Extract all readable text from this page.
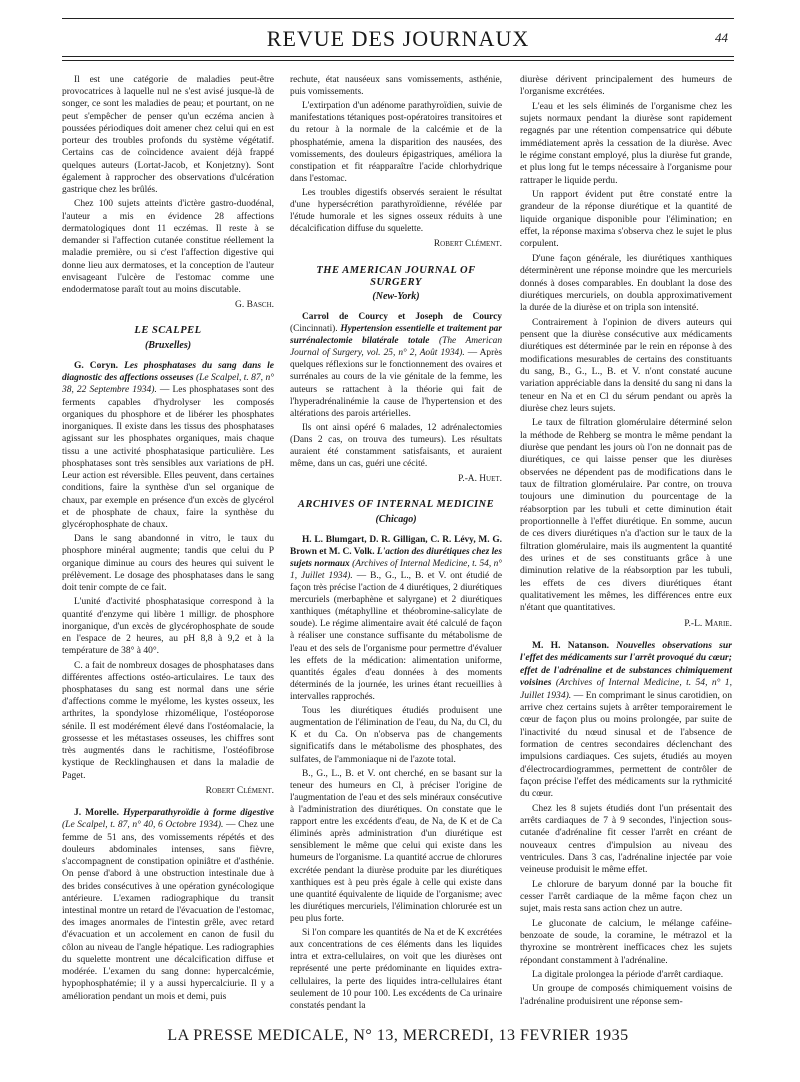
REVUE DES JOURNAUX	44

Il est une catégorie de maladies peut-être provocatrices à laquelle nul ne s'est avisé jusque-là de songer, ce sont les maladies de peau; et pourtant, on ne peut s'empêcher de penser qu'un eczéma ancien à poussées périodiques doit amener chez celui qui en est porteur des troubles profonds du système végétatif. Certains cas de coïncidence avaient déjà frappé quelques auteurs (Lortat-Jacob, et Konjetzny). Sont également à rapprocher des observations d'ulcération gastrique chez les brûlés.

Chez 100 sujets atteints d'ictère gastro-duodénal, l'auteur a mis en évidence 28 affections dermatologiques dont 11 eczémas. Il reste à se demander si l'affection cutanée constitue réellement la maladie première, ou si c'est l'affection digestive qui donne lieu aux dermatoses, et la conception de l'auteur envisageant l'ulcère de l'estomac comme une endodermatose paraît tout au moins discutable.

G. Basch.

LE SCALPEL

(Bruxelles)

G. Coryn. Les phosphatases du sang dans le diagnostic des affections osseuses (Le Scalpel, t. 87, n° 38, 22 Septembre 1934). — Les phosphatases sont des ferments capables d'hydrolyser les composés organiques du phosphore et de libérer les phosphates inorganiques. Il existe dans les tissus des phosphatases agissant sur les phosphates organiques, mais chaque tissu a une activité phosphatasique particulière. Les phosphatases sont très sensibles aux variations de pH. Leur action est réversible. Elles peuvent, dans certaines conditions, faire la synthèse d'un sel organique de chaux, par exemple en présence d'un excès de glycérol et de phosphate de chaux, faire la synthèse du glycérophosphate de chaux.

Dans le sang abandonné in vitro, le taux du phosphore minéral augmente; tandis que celui du P organique diminue au cours des heures qui suivent le prélèvement. Le dosage des phosphatases dans le sang doit tenir compte de ce fait.

L'unité d'activité phosphatasique correspond à la quantité d'enzyme qui libère 1 milligr. de phosphore inorganique, d'un excès de glycérophosphate de soude en l'espace de 2 heures, au pH 8,8 à 9,2 et à la température de 38° à 40°.

C. a fait de nombreux dosages de phosphatases dans différentes affections ostéo-articulaires. Le taux des phosphatases du sang est normal dans une série d'affections comme le myélome, les kystes osseux, les arthrites, la spondylose rhizomélique, l'ostéoporose sénile. Il est modérément élevé dans l'ostéomalacie, la grossesse et les métastases osseuses, les chiffres sont très augmentés dans le rachitisme, l'ostéofibrose kystique de Recklinghausen et dans la maladie de Paget.

Robert Clément.

J. Morelle. Hyperparathyroïdie à forme digestive (Le Scalpel, t. 87, n° 40, 6 Octobre 1934). — Chez une femme de 51 ans, des vomissements répétés et des douleurs abdominales intenses, sans fièvre, s'accompagnent de constipation opiniâtre et d'asthénie. On pense d'abord à une obstruction intestinale due à des brides consécutives à une opération gynécologique antérieure. L'examen radiographique du transit intestinal montre un retard de l'évacuation de l'estomac, des images anormales de l'intestin grêle, avec retard d'évacuation et un accolement en canon de fusil du côlon au niveau de l'angle hépatique. Les radiographies du squelette montrent une décalcification diffuse et modérée. L'examen du sang donne: hypercalcémie, hypophosphatémie; il y a aussi hypercalciurie. Il y a amélioration pendant un mois et demi, puis

rechute, état nauséeux sans vomissements, asthénie, puis vomissements.

L'extirpation d'un adénome parathyroïdien, suivie de manifestations tétaniques post-opératoires transitoires et du retour à la normale de la calcémie et de la phosphatémie, amena la disparition des nausées, des vomissements, des douleurs épigastriques, améliora la constipation et fit réapparaître l'acide chlorhydrique dans l'estomac.

Les troubles digestifs observés seraient le résultat d'une hypersécrétion parathyroïdienne, révélée par l'étude humorale et les signes osseux réduits à une décalcification diffuse du squelette.

Robert Clément.

THE AMERICAN JOURNAL OF SURGERY

(New-York)

Carrol de Courcy et Joseph de Courcy (Cincinnati). Hypertension essentielle et traitement par surrénalectomie bilatérale totale (The American Journal of Surgery, vol. 25, n° 2, Août 1934). — Après quelques réflexions sur le fonctionnement des ovaires et surrénales au cours de la vie génitale de la femme, les auteurs se rattachent à la théorie qui fait de l'hyperadrénalinémie la cause de l'hypertension et des altérations des parois artérielles.

Ils ont ainsi opéré 6 malades, 12 adrénalectomies (Dans 2 cas, on trouva des tumeurs). Les résultats auraient été constamment satisfaisants, et auraient même, dans un cas, guéri une cécité.

P.-A. Huet.

ARCHIVES OF INTERNAL MEDICINE

(Chicago)

H. L. Blumgart, D. R. Gilligan, C. R. Lévy, M. G. Brown et M. C. Volk. L'action des diurétiques chez les sujets normaux (Archives of Internal Medicine, t. 54, n° 1, Juillet 1934). — B., G., L., B. et V. ont étudié de façon très précise l'action de 4 diurétiques, 2 diurétiques mercuriels (merbaphène et salyrgane) et 2 diurétiques xanthiques (métaphylline et théobromine-salicylate de soude). Le régime alimentaire avait été calculé de façon à réaliser une constance suffisante du métabolisme de l'eau et des sels de l'organisme pour permettre d'évaluer les effets de la médication: alimentation uniforme, quantités égales d'eau données à des moments déterminés de la journée, les urines étant recueillies à intervalles rapprochés.

Tous les diurétiques étudiés produisent une augmentation de l'élimination de l'eau, du Na, du Cl, du K et du Ca. On n'observa pas de changements significatifs dans le métabolisme des phosphates, des sulfates, de l'ammoniaque ni de l'azote total.

B., G., L., B. et V. ont cherché, en se basant sur la teneur des humeurs en Cl, à préciser l'origine de l'augmentation de l'eau et des sels minéraux consécutive à l'administration des diurétiques. On constate que le rapport entre les excédents d'eau, de Na, de K et de Ca éliminés après administration d'un diurétique est sensiblement le même que celui qui existe dans les humeurs de l'organisme. La quantité accrue de chlorures excrétée pendant la diurèse produite par les diurétiques xanthiques est à peu près égale à celle qui existe dans une quantité équivalente de liquide de l'organisme; avec les diurétiques mercuriels, l'élimination chlorurée est un peu plus forte.

Si l'on compare les quantités de Na et de K excrétées aux concentrations de ces éléments dans les liquides intra et extra-cellulaires, on voit que les diurèses ont représenté une perte prédominante en liquides extra-cellulaires, la perte des liquides intra-cellulaires étant seulement de 10 pour 100. Les excédents de Ca urinaire constatés pendant la

diurèse dérivent principalement des humeurs de l'organisme excrétées.

L'eau et les sels éliminés de l'organisme chez les sujets normaux pendant la diurèse sont rapidement regagnés par une rétention compensatrice qui débute immédiatement après la cessation de la diurèse. Avec le régime constant employé, plus la diurèse fut grande, et plus long fut le temps nécessaire à l'organisme pour rattraper le liquide perdu.

Un rapport évident put être constaté entre la grandeur de la réponse diurétique et la quantité de liquide organique disponible pour l'élimination; en effet, la réponse maxima s'observa chez le sujet le plus corpulent.

D'une façon générale, les diurétiques xanthiques déterminèrent une réponse moindre que les mercuriels donnés à doses comparables. En doublant la dose des diurétiques mercuriels, on doubla approximativement la durée de la diurèse et on tripla son intensité.

Contrairement à l'opinion de divers auteurs qui pensent que la diurèse consécutive aux médicaments diurétiques est déterminée par le rein en réponse à des modifications mesurables de certains des constituants du sang, B., G., L., B. et V. n'ont constaté aucune variation appréciable dans la densité du sang ni dans la teneur en Na et en Cl du sérum pendant ou après la diurèse chez leurs sujets.

Le taux de filtration glomérulaire déterminé selon la méthode de Rehberg se montra le même pendant la diurèse que pendant les jours où l'on ne donnait pas de diurétiques, ce qui laisse penser que les diurèses observées ne dépendent pas de modifications dans le taux de filtration glomérulaire. Par contre, on trouva toujours une diminution du pourcentage de la réabsorption par les tubuli et cette diminution était proportionnelle à l'effet diurétique. En somme, aucun de ces divers diurétiques n'a d'action sur le taux de la filtration glomérulaire, mais ils augmentent la quantité des urines et de ses constituants grâce à une diminution relative de la réabsorption par les tubuli, les effets de ces divers diurétiques étant qualitativement les mêmes, les différences entre eux n'étant que quantitatives.

P.-L. Marie.

M. H. Natanson. Nouvelles observations sur l'effet des médicaments sur l'arrêt provoqué du cœur; effet de l'adrénaline et de substances chimiquement voisines (Archives of Internal Medicine, t. 54, n° 1, Juillet 1934). — En comprimant le sinus carotidien, on arrive chez certains sujets à arrêter temporairement le cœur de façon plus ou moins prolongée, par suite de l'inactivité du nœud sinusal et de l'absence de formation de centres secondaires déclenchant des impulsions cardiaques. Ces sujets, étudiés au moyen d'électrocardiogrammes, permettent de contrôler de façon précise l'effet des médicaments sur la rythmicité du cœur.

Chez les 8 sujets étudiés dont l'un présentait des arrêts cardiaques de 7 à 9 secondes, l'injection sous-cutanée d'adrénaline fit cesser l'arrêt en créant de nouveaux centres d'impulsion au niveau des ventricules. Dans 3 cas, l'adrénaline injectée par voie veineuse produisit le même effet.

Le chlorure de baryum donné par la bouche fit cesser l'arrêt cardiaque de la même façon chez un sujet, mais resta sans action chez un autre.

Le gluconate de calcium, le mélange caféine-benzoate de soude, la coramine, le métrazol et la thyroxine se montrèrent inefficaces chez les sujets répondant constamment à l'adrénaline.

La digitale prolongea la période d'arrêt cardiaque.

Un groupe de composés chimiquement voisins de l'adrénaline produisirent une réponse sem-

LA PRESSE MEDICALE, N° 13, MERCREDI, 13 FEVRIER 1935
